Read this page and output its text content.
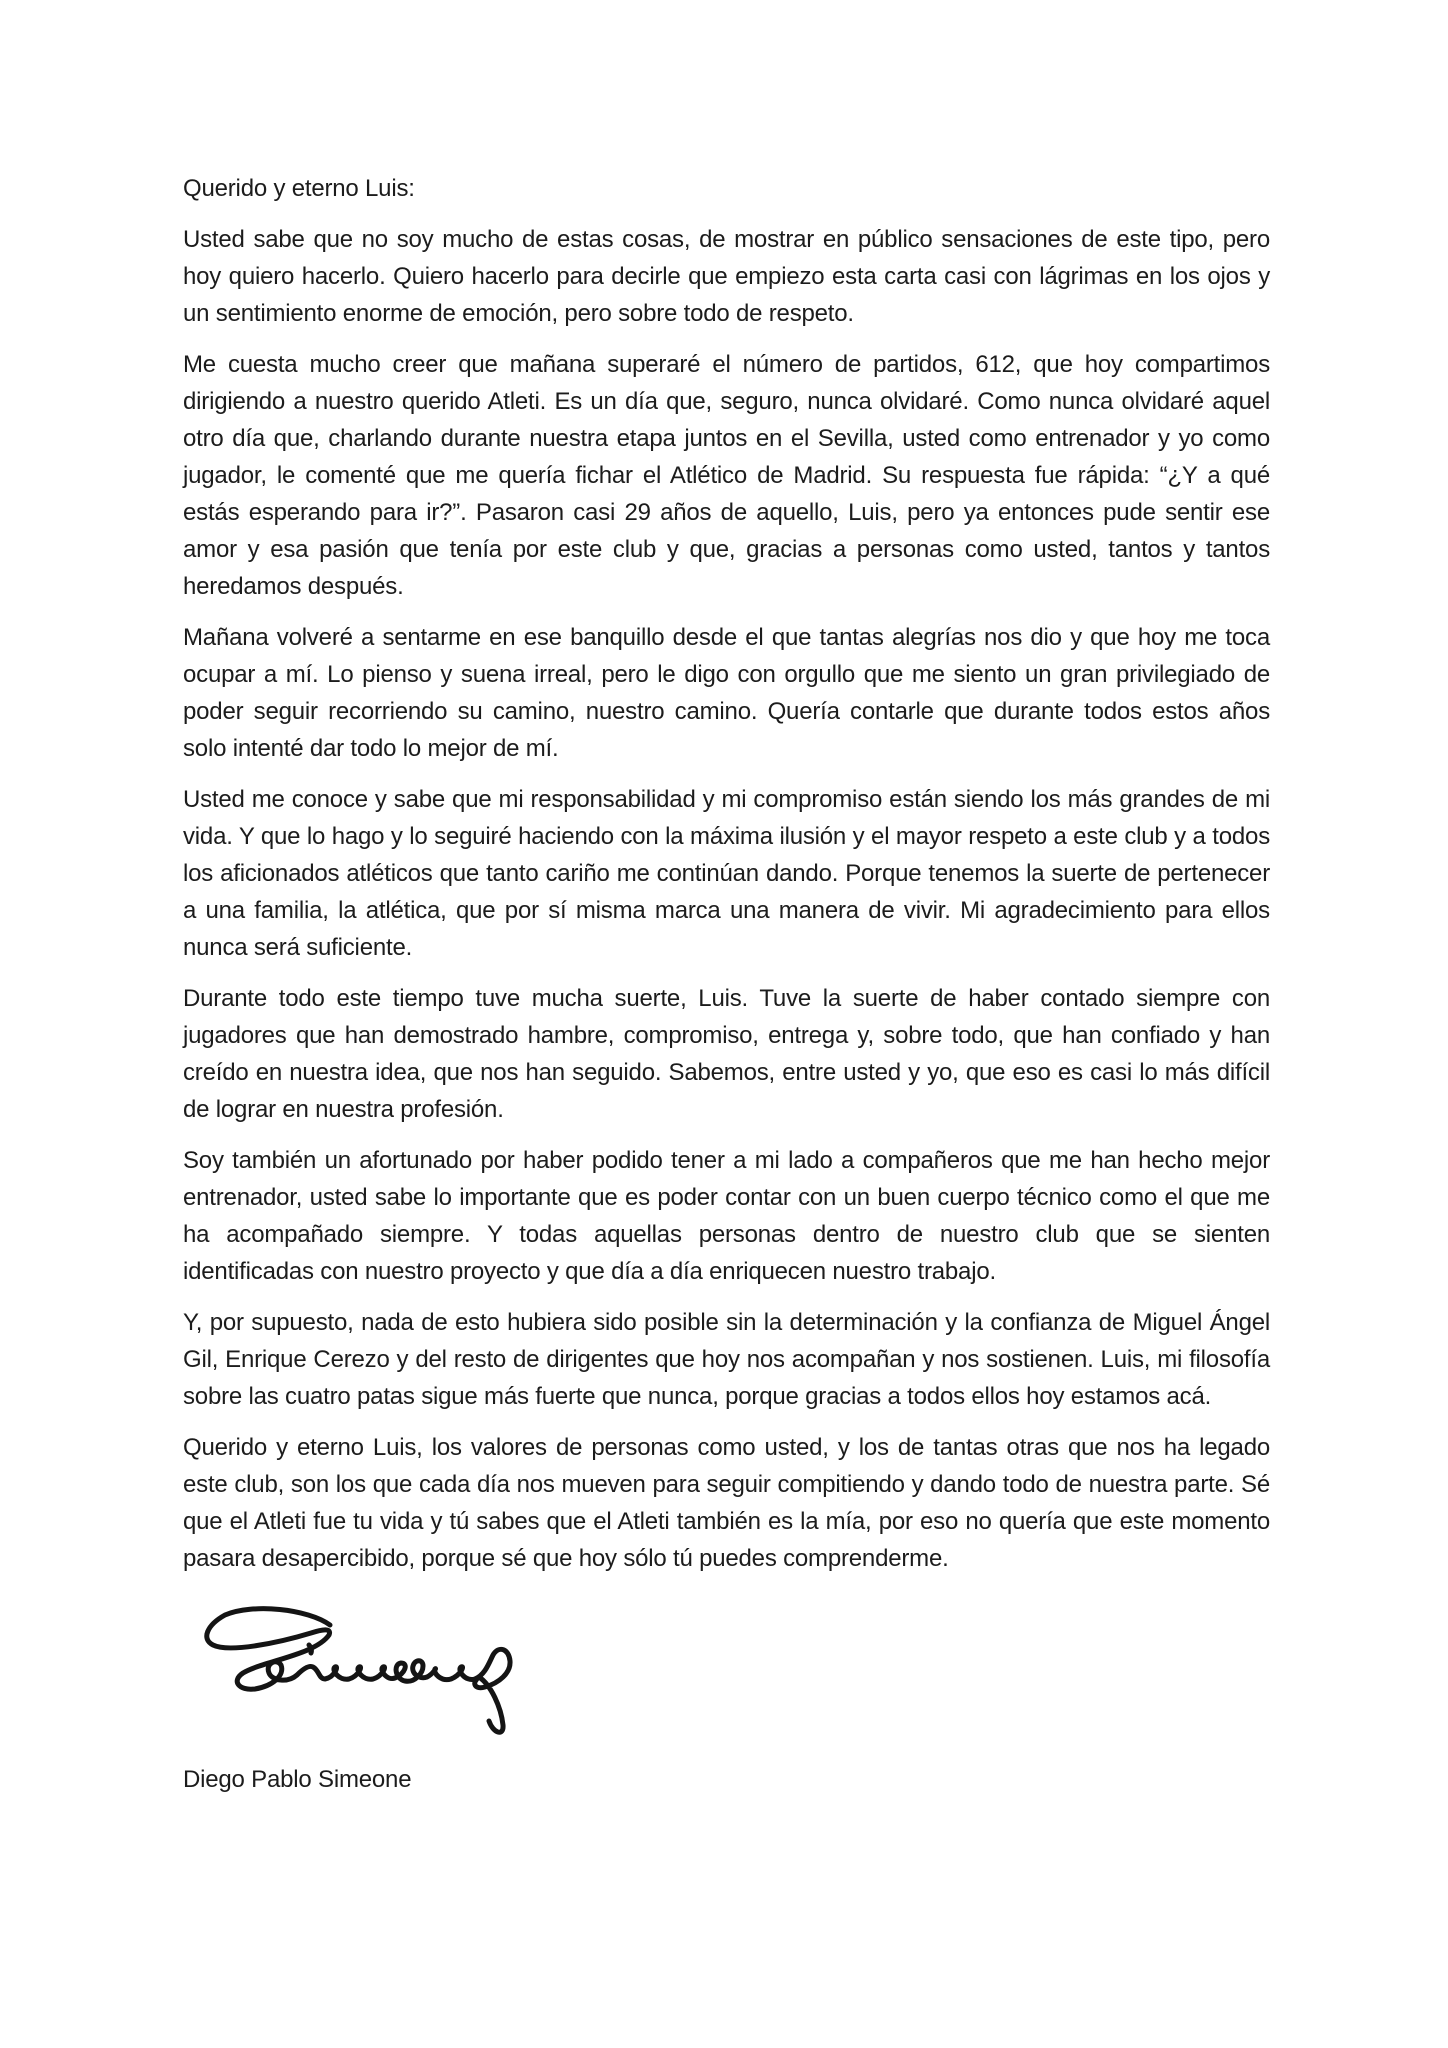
Querido y eterno Luis:

Usted sabe que no soy mucho de estas cosas, de mostrar en público sensaciones de este tipo, pero hoy quiero hacerlo. Quiero hacerlo para decirle que empiezo esta carta casi con lágrimas en los ojos y un sentimiento enorme de emoción, pero sobre todo de respeto.

Me cuesta mucho creer que mañana superaré el número de partidos, 612, que hoy compartimos dirigiendo a nuestro querido Atleti. Es un día que, seguro, nunca olvidaré. Como nunca olvidaré aquel otro día que, charlando durante nuestra etapa juntos en el Sevilla, usted como entrenador y yo como jugador, le comenté que me quería fichar el Atlético de Madrid. Su respuesta fue rápida: “¿Y a qué estás esperando para ir?”. Pasaron casi 29 años de aquello, Luis, pero ya entonces pude sentir ese amor y esa pasión que tenía por este club y que, gracias a personas como usted, tantos y tantos heredamos después.

Mañana volveré a sentarme en ese banquillo desde el que tantas alegrías nos dio y que hoy me toca ocupar a mí. Lo pienso y suena irreal, pero le digo con orgullo que me siento un gran privilegiado de poder seguir recorriendo su camino, nuestro camino. Quería contarle que durante todos estos años solo intenté dar todo lo mejor de mí.

Usted me conoce y sabe que mi responsabilidad y mi compromiso están siendo los más grandes de mi vida. Y que lo hago y lo seguiré haciendo con la máxima ilusión y el mayor respeto a este club y a todos los aficionados atléticos que tanto cariño me continúan dando. Porque tenemos la suerte de pertenecer a una familia, la atlética, que por sí misma marca una manera de vivir. Mi agradecimiento para ellos nunca será suficiente.

Durante todo este tiempo tuve mucha suerte, Luis. Tuve la suerte de haber contado siempre con jugadores que han demostrado hambre, compromiso, entrega y, sobre todo, que han confiado y han creído en nuestra idea, que nos han seguido. Sabemos, entre usted y yo, que eso es casi lo más difícil de lograr en nuestra profesión.

Soy también un afortunado por haber podido tener a mi lado a compañeros que me han hecho mejor entrenador, usted sabe lo importante que es poder contar con un buen cuerpo técnico como el que me ha acompañado siempre. Y todas aquellas personas dentro de nuestro club que se sienten identificadas con nuestro proyecto y que día a día enriquecen nuestro trabajo.

Y, por supuesto, nada de esto hubiera sido posible sin la determinación y la confianza de Miguel Ángel Gil, Enrique Cerezo y del resto de dirigentes que hoy nos acompañan y nos sostienen. Luis, mi filosofía sobre las cuatro patas sigue más fuerte que nunca, porque gracias a todos ellos hoy estamos acá.

Querido y eterno Luis, los valores de personas como usted, y los de tantas otras que nos ha legado este club, son los que cada día nos mueven para seguir compitiendo y dando todo de nuestra parte. Sé que el Atleti fue tu vida y tú sabes que el Atleti también es la mía, por eso no quería que este momento pasara desapercibido, porque sé que hoy sólo tú puedes comprenderme.

Diego Pablo Simeone
